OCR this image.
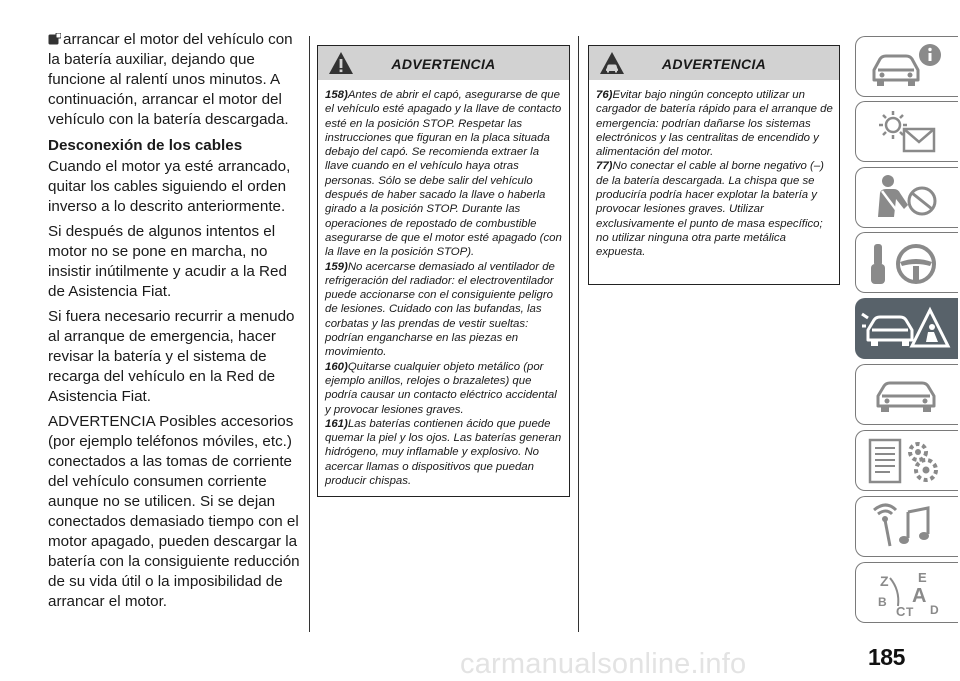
arrancar el motor del vehículo con la batería auxiliar, dejando que funcione al ralentí unos minutos. A continuación, arrancar el motor del vehículo con la batería descargada.

Desconexión de los cables

Cuando el motor ya esté arrancado, quitar los cables siguiendo el orden inverso a lo descrito anteriormente.

Si después de algunos intentos el motor no se pone en marcha, no insistir inútilmente y acudir a la Red de Asistencia Fiat.

Si fuera necesario recurrir a menudo al arranque de emergencia, hacer revisar la batería y el sistema de recarga del vehículo en la Red de Asistencia Fiat.

ADVERTENCIA Posibles accesorios (por ejemplo teléfonos móviles, etc.) conectados a las tomas de corriente del vehículo consumen corriente aunque no se utilicen. Si se dejan conectados demasiado tiempo con el motor apagado, pueden descargar la batería con la consiguiente reducción de su vida útil o la imposibilidad de arrancar el motor.

ADVERTENCIA

158)Antes de abrir el capó, asegurarse de que el vehículo esté apagado y la llave de contacto esté en la posición STOP. Respetar las instrucciones que figuran en la placa situada debajo del capó. Se recomienda extraer la llave cuando en el vehículo haya otras personas. Sólo se debe salir del vehículo después de haber sacado la llave o haberla girado a la posición STOP. Durante las operaciones de repostado de combustible asegurarse de que el motor esté apagado (con la llave en la posición STOP).

159)No acercarse demasiado al ventilador de refrigeración del radiador: el electroventilador puede accionarse con el consiguiente peligro de lesiones. Cuidado con las bufandas, las corbatas y las prendas de vestir sueltas: podrían engancharse en las piezas en movimiento.

160)Quitarse cualquier objeto metálico (por ejemplo anillos, relojes o brazaletes) que podría causar un contacto eléctrico accidental y provocar lesiones graves.

161)Las baterías contienen ácido que puede quemar la piel y los ojos. Las baterías generan hidrógeno, muy inflamable y explosivo. No acercar llamas o dispositivos que puedan producir chispas.

ADVERTENCIA

76)Evitar bajo ningún concepto utilizar un cargador de batería rápido para el arranque de emergencia: podrían dañarse los sistemas electrónicos y las centralitas de encendido y alimentación del motor.

77)No conectar el cable al borne negativo (–) de la batería descargada. La chispa que se produciría podría hacer explotar la batería y provocar lesiones graves. Utilizar exclusivamente el punto de masa específico; no utilizar ninguna otra parte metálica expuesta.

Z E
B
C T
A
D
185
carmanualsonline.info
